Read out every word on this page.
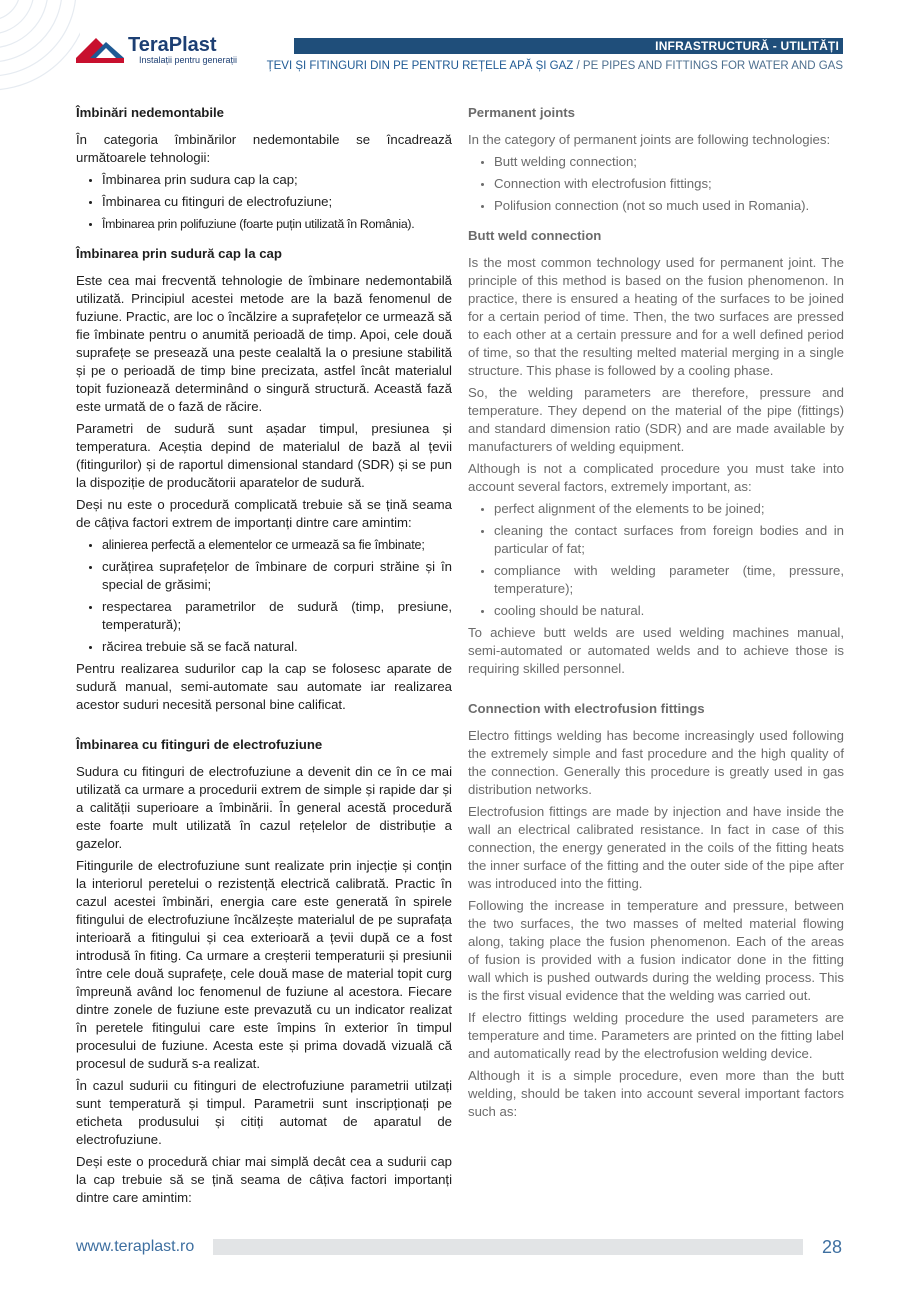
since 1896
TeraPlast
Instalații pentru generații
INFRASTRUCTURĂ - UTILITĂȚI
ȚEVI ȘI FITINGURI DIN PE PENTRU REȚELE APĂ ȘI GAZ / PE PIPES AND FITTINGS FOR WATER AND GAS
Îmbinări nedemontabile

În categoria îmbinărilor nedemontabile se încadrează următoarele tehnologii:

• Îmbinarea prin sudura cap la cap;
• Îmbinarea cu fitinguri de electrofuziune;
• Îmbinarea prin polifuziune (foarte puțin utilizată în România).
Îmbinarea prin sudură cap la cap

Este cea mai frecventă tehnologie de îmbinare nedemontabilă utilizată. Principiul acestei metode are la bază fenomenul de fuziune. Practic, are loc o încălzire a suprafețelor ce urmează să fie îmbinate pentru o anumită perioadă de timp. Apoi, cele două suprafețe se presează una peste cealaltă la o presiune stabilită și pe o perioadă de timp bine precizata, astfel încât materialul topit fuzionează determinând o singură structură. Această fază este urmată de o fază de răcire.

Parametri de sudură sunt așadar timpul, presiunea și temperatura. Aceștia depind de materialul de bază al țevii (fitingurilor) și de raportul dimensional standard (SDR) și se pun la dispoziție de producătorii aparatelor de sudură.

Deși nu este o procedură complicată trebuie să se țină seama de câțiva factori extrem de importanți dintre care amintim:

• alinierea perfectă a elementelor ce urmează sa fie îmbinate;
• curățirea suprafețelor de îmbinare de corpuri străine și în special de grăsimi;
• respectarea parametrilor de sudură (timp, presiune, temperatură);
• răcirea trebuie să se facă natural.

Pentru realizarea sudurilor cap la cap se folosesc aparate de sudură manual, semi-automate sau automate iar realizarea acestor suduri necesită personal bine calificat.

Îmbinarea cu fitinguri de electrofuziune

Sudura cu fitinguri de electrofuziune a devenit din ce în ce mai utilizată ca urmare a procedurii extrem de simple și rapide dar și a calității superioare a îmbinării. În general acestă procedură este foarte mult utilizată în cazul rețelelor de distribuție a gazelor.

Fitingurile de electrofuziune sunt realizate prin injecție și conțin la interiorul peretelui o rezistență electrică calibrată. Practic în cazul acestei îmbinări, energia care este generată în spirele fitingului de electrofuziune încălzește materialul de pe suprafața interioară a fitingului și cea exterioară a țevii după ce a fost introdusă în fiting. Ca urmare a creșterii temperaturii și presiunii între cele două suprafețe, cele două mase de material topit curg împreună având loc fenomenul de fuziune al acestora. Fiecare dintre zonele de fuziune este prevazută cu un indicator realizat în peretele fitingului care este împins în exterior în timpul procesului de fuziune. Acesta este și prima dovadă vizuală că procesul de sudură s-a realizat.

În cazul sudurii cu fitinguri de electrofuziune parametrii utilzați sunt temperatură și timpul. Parametrii sunt inscripționați pe eticheta produsului și citiți automat de aparatul de electrofuziune.

Deși este o procedură chiar mai simplă decât cea a sudurii cap la cap trebuie să se țină seama de câțiva factori importanți dintre care amintim:

Permanent joints

In the category of permanent joints are following technologies:

• Butt welding connection;
• Connection with electrofusion fittings;
• Polifusion connection (not so much used in Romania).
Butt weld connection

Is the most common technology used for permanent joint. The principle of this method is based on the fusion phenomenon. In practice, there is ensured a heating of the surfaces to be joined for a certain period of time. Then, the two surfaces are pressed to each other at a certain pressure and for a well defined period of time, so that the resulting melted material merging in a single structure. This phase is followed by a cooling phase.

So, the welding parameters are therefore, pressure and temperature. They depend on the material of the pipe (fittings) and standard dimension ratio (SDR) and are made available by manufacturers of welding equipment.

Although is not a complicated procedure you must take into account several factors, extremely important, as:

• perfect alignment of the elements to be joined;
• cleaning the contact surfaces from foreign bodies and in particular of fat;
• compliance with welding parameter (time, pressure, temperature);
• cooling should be natural.

To achieve butt welds are used welding machines manual, semi-automated or automated welds and to achieve those is requiring skilled personnel.

Connection with electrofusion fittings

Electro fittings welding has become increasingly used following the extremely simple and fast procedure and the high quality of the connection. Generally this procedure is greatly used in gas distribution networks.

Electrofusion fittings are made by injection and have inside the wall an electrical calibrated resistance. In fact in case of this connection, the energy generated in the coils of the fitting heats the inner surface of the fitting and the outer side of the pipe after was introduced into the fitting.

Following the increase in temperature and pressure, between the two surfaces, the two masses of melted material flowing along, taking place the fusion phenomenon. Each of the areas of fusion is provided with a fusion indicator done in the fitting wall which is pushed outwards during the welding process. This is the first visual evidence that the welding was carried out.

If electro fittings welding procedure the used parameters are temperature and time. Parameters are printed on the fitting label and automatically read by the electrofusion welding device.

Although it is a simple procedure, even more than the butt welding, should be taken into account several important factors such as:

www.teraplast.ro	28
